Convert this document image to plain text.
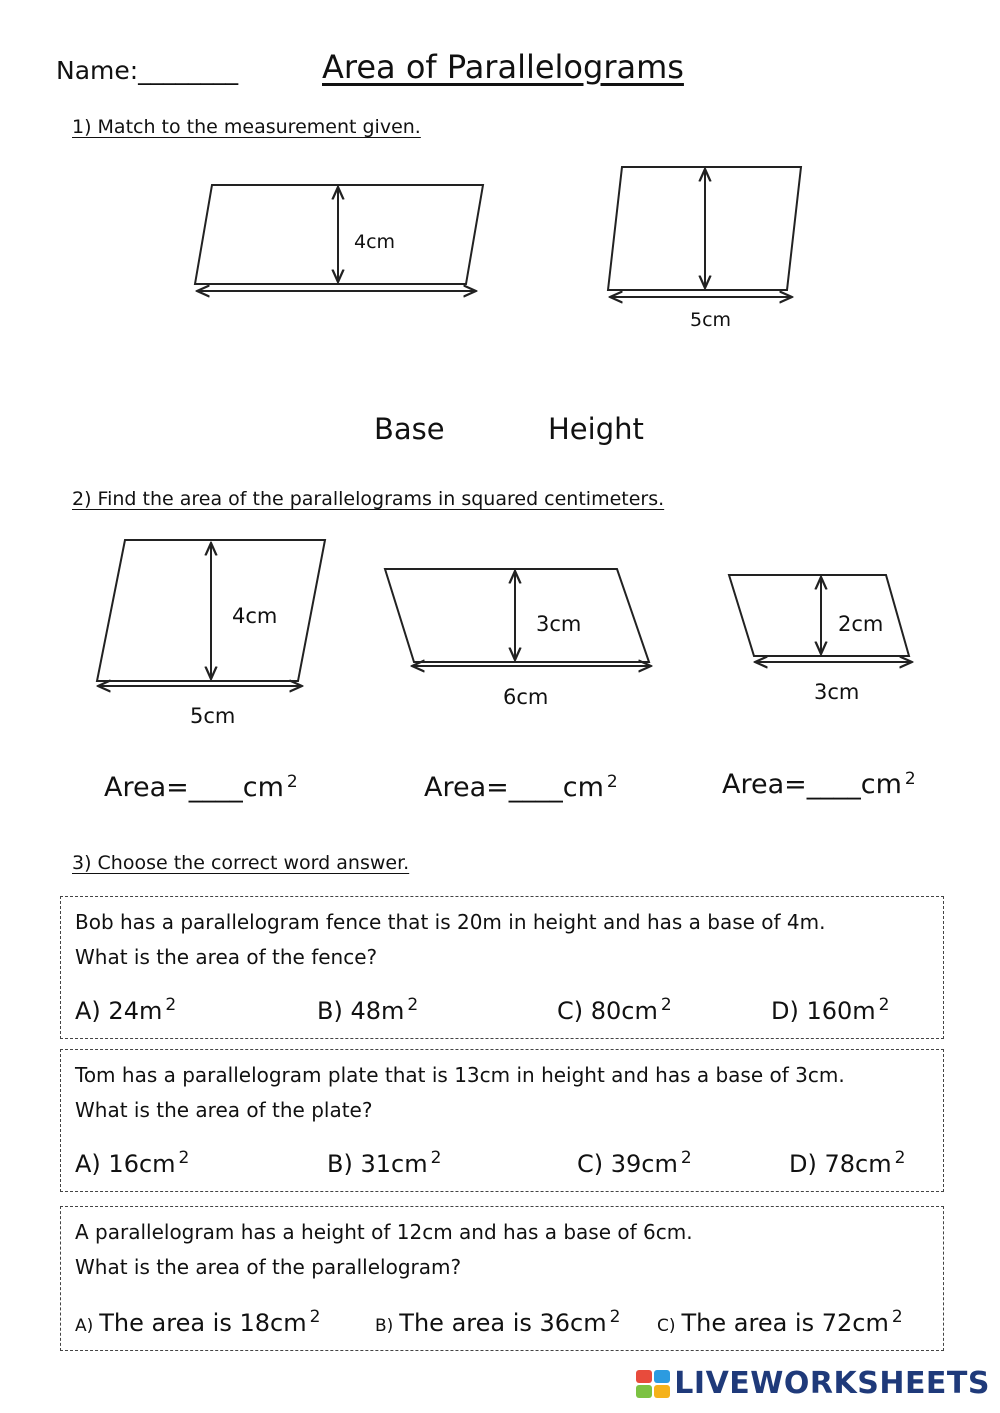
Name:________	Area of Parallelograms
1) Match to the measurement given.
4cm
5cm
Base	Height
2) Find the area of the parallelograms in squared centimeters.
4cm
5cm
3cm
6cm
2cm
3cm
Area=____cm $^2$	Area=____cm $^2$	Area=____cm $^2$
3) Choose the correct word answer.
Bob has a parallelogram fence that is 20m in height and has a base of 4m.
What is the area of the fence?
A) 24m $^2$	B) 48m $^2$	C) 80cm $^2$	D) 160m $^2$
Tom has a parallelogram plate that is 13cm in height and has a base of 3cm.
What is the area of the plate?
A) 16cm $^2$	B) 31cm $^2$	C) 39cm $^2$	D) 78cm $^2$
A parallelogram has a height of 12cm and has a base of 6cm.
What is the area of the parallelogram?
A) The area is 18cm $^2$	B) The area is 36cm $^2$ C) The area is 72cm $^2$
LIVEWORKSHEETS
